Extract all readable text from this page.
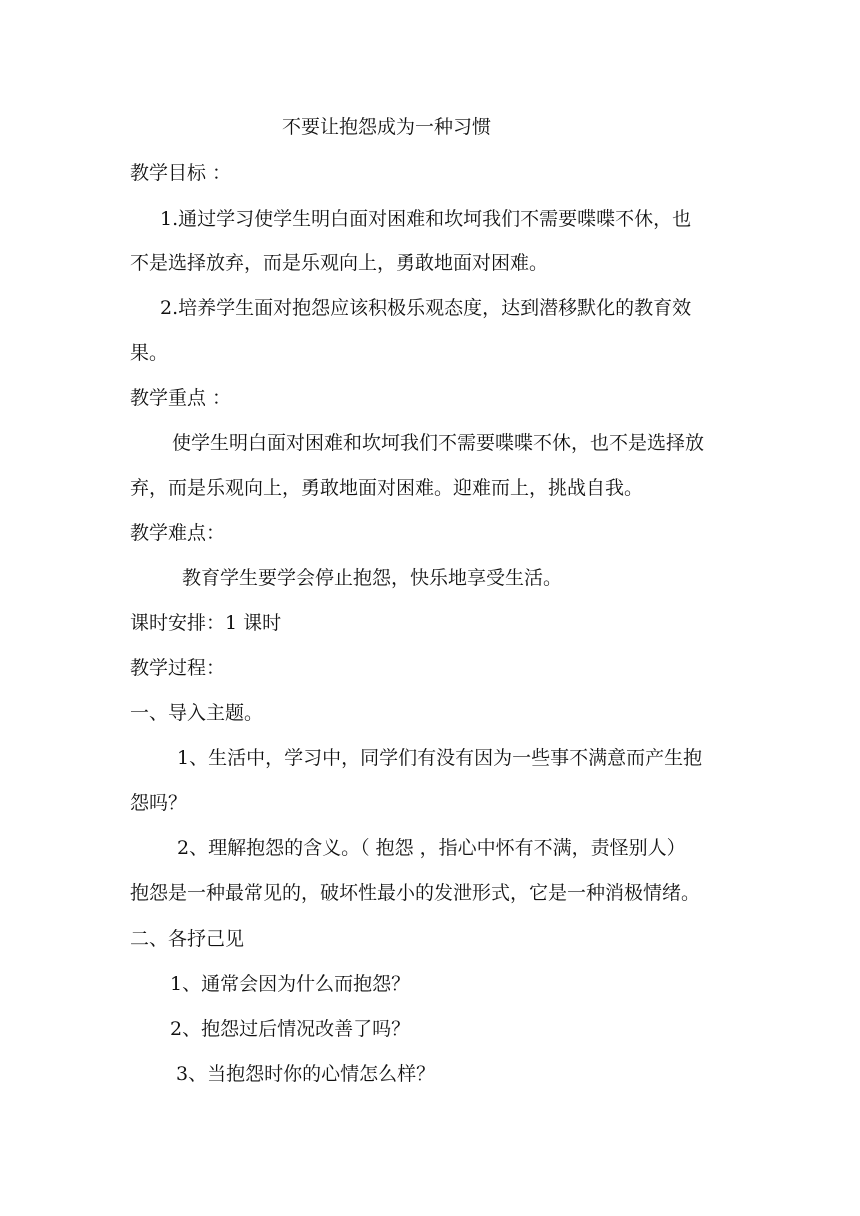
不要让抱怨成为一种习惯
教学目标 ：
1.通过学习使学生明白面对困难和坎坷我们不需要喋喋不休，也
不是选择放弃，而是乐观向上，勇敢地面对困难。
2.培养学生面对抱怨应该积极乐观态度，达到潜移默化的教育效
果。
教学重点 ：
使学生明白面对困难和坎坷我们不需要喋喋不休，也不是选择放
弃，而是乐观向上，勇敢地面对困难。迎难而上，挑战自我。
教学难点：
教育学生要学会停止抱怨，快乐地享受生活。
课时安排：1 课时
教学过程：
一、导入主题。
1、生活中，学习中，同学们有没有因为一些事不满意而产生抱
怨吗？
2、理解抱怨的含义。（ 抱怨 ，指心中怀有不满，责怪别人）
抱怨是一种最常见的，破坏性最小的发泄形式，它是一种消极情绪。
二、各抒己见
1、通常会因为什么而抱怨？
2、抱怨过后情况改善了吗？
3、当抱怨时你的心情怎么样？
